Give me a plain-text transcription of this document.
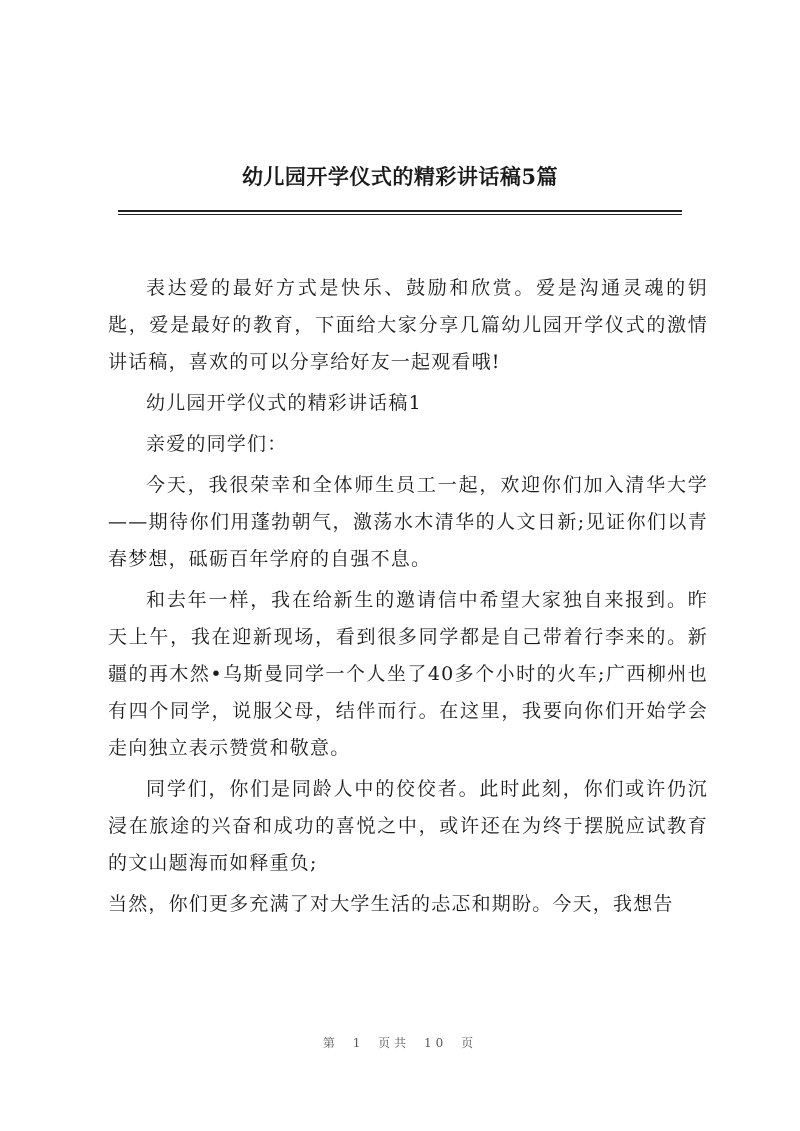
幼儿园开学仪式的精彩讲话稿5篇

表达爱的最好方式是快乐、鼓励和欣赏。爱是沟通灵魂的钥匙，爱是最好的教育，下面给大家分享几篇幼儿园开学仪式的激情讲话稿，喜欢的可以分享给好友一起观看哦!

幼儿园开学仪式的精彩讲话稿1

亲爱的同学们：

今天，我很荣幸和全体师生员工一起，欢迎你们加入清华大学——期待你们用蓬勃朝气，激荡水木清华的人文日新;见证你们以青春梦想，砥砺百年学府的自强不息。

和去年一样，我在给新生的邀请信中希望大家独自来报到。昨天上午，我在迎新现场，看到很多同学都是自己带着行李来的。新疆的再木然•乌斯曼同学一个人坐了40多个小时的火车;广西柳州也有四个同学，说服父母，结伴而行。在这里，我要向你们开始学会走向独立表示赞赏和敬意。

同学们，你们是同龄人中的佼佼者。此时此刻，你们或许仍沉浸在旅途的兴奋和成功的喜悦之中，或许还在为终于摆脱应试教育的文山题海而如释重负;

当然，你们更多充满了对大学生活的忐忑和期盼。今天，我想告

第 1 页共 10 页
